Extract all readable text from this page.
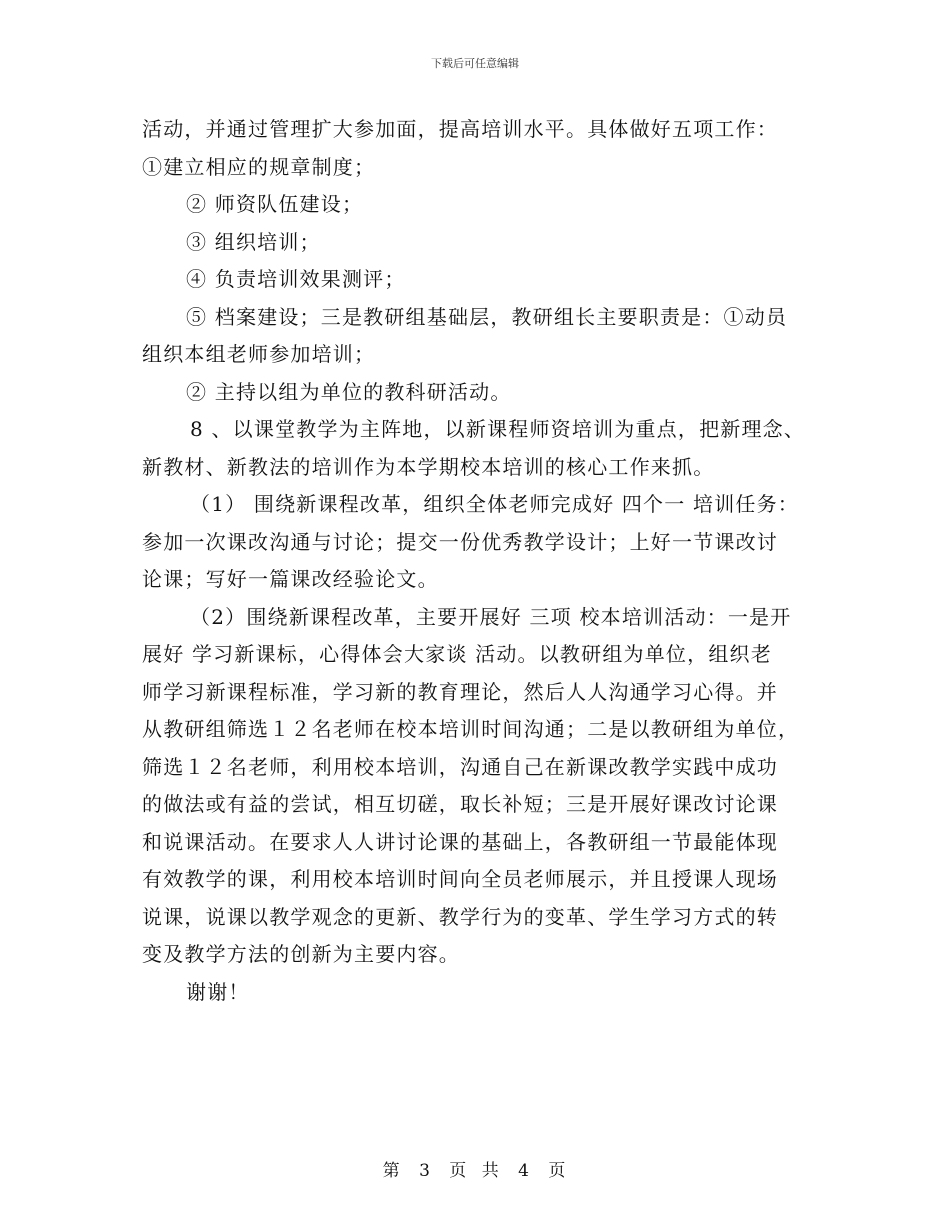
下载后可任意编辑
活动，并通过管理扩大参加面，提高培训水平。具体做好五项工作：
①建立相应的规章制度；
② 师资队伍建设；
③ 组织培训；
④ 负责培训效果测评；
⑤ 档案建设；三是教研组基础层，教研组长主要职责是：①动员
组织本组老师参加培训；
② 主持以组为单位的教科研活动。
8 、以课堂教学为主阵地，以新课程师资培训为重点，把新理念、
新教材、新教法的培训作为本学期校本培训的核心工作来抓。
（1） 围绕新课程改革，组织全体老师完成好 四个一 培训任务：
参加一次课改沟通与讨论；提交一份优秀教学设计；上好一节课改讨
论课；写好一篇课改经验论文。
（2）围绕新课程改革，主要开展好 三项 校本培训活动：一是开
展好 学习新课标，心得体会大家谈 活动。以教研组为单位，组织老
师学习新课程标准，学习新的教育理论，然后人人沟通学习心得。并
从教研组筛选１２名老师在校本培训时间沟通；二是以教研组为单位，
筛选１２名老师，利用校本培训，沟通自己在新课改教学实践中成功
的做法或有益的尝试，相互切磋，取长补短；三是开展好课改讨论课
和说课活动。在要求人人讲讨论课的基础上，各教研组一节最能体现
有效教学的课，利用校本培训时间向全员老师展示，并且授课人现场
说课，说课以教学观念的更新、教学行为的变革、学生学习方式的转
变及教学方法的创新为主要内容。
谢谢！
第 3 页 共 4 页
